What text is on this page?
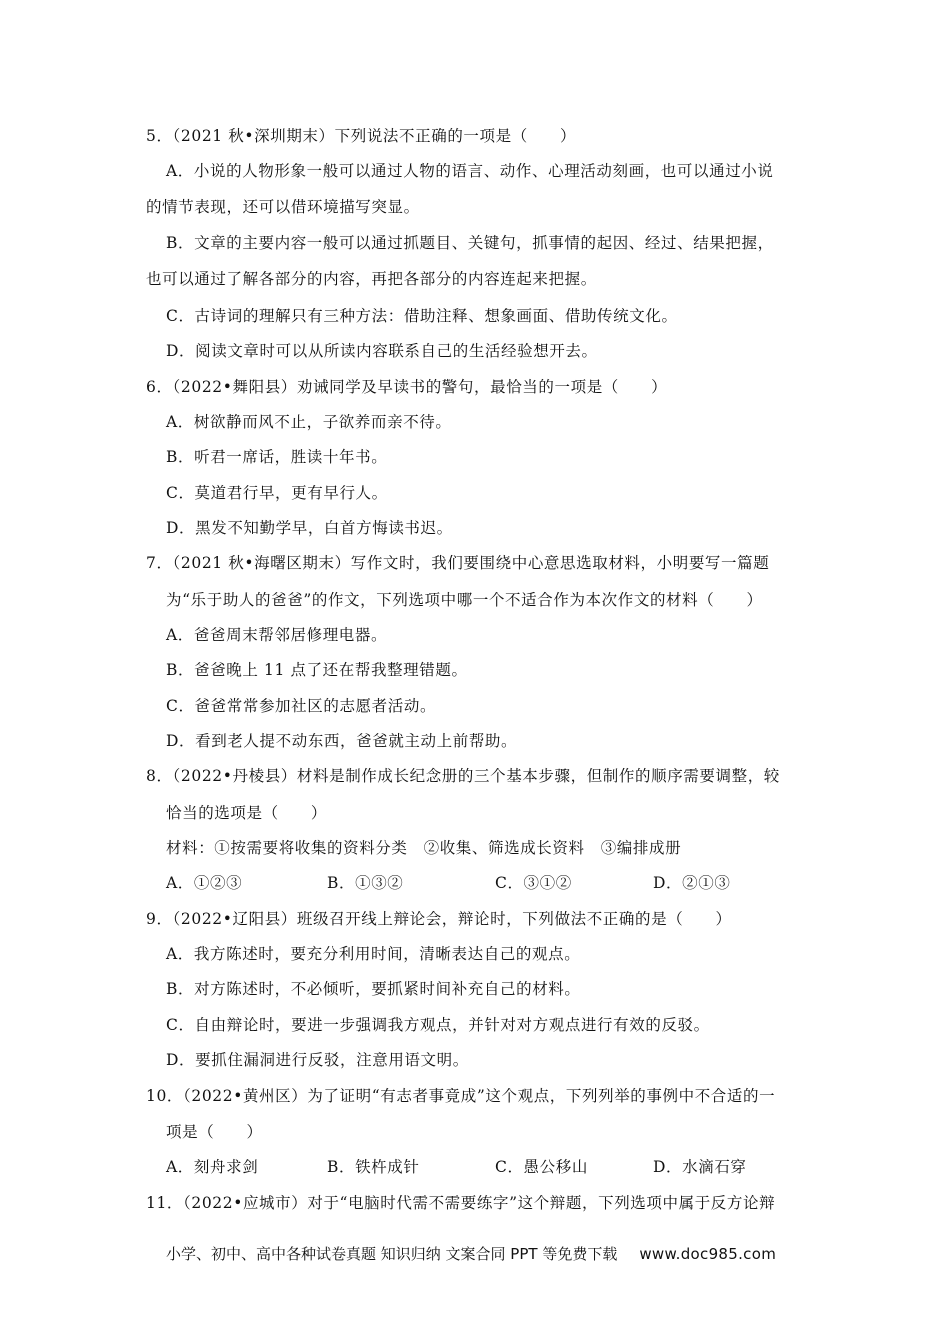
5．（2021 秋•深圳期末）下列说法不正确的一项是（　　）
A．小说的人物形象一般可以通过人物的语言、动作、心理活动刻画，也可以通过小说
的情节表现，还可以借环境描写突显。
B．文章的主要内容一般可以通过抓题目、关键句，抓事情的起因、经过、结果把握，
也可以通过了解各部分的内容，再把各部分的内容连起来把握。
C．古诗词的理解只有三种方法：借助注释、想象画面、借助传统文化。
D．阅读文章时可以从所读内容联系自己的生活经验想开去。
6．（2022•舞阳县）劝诫同学及早读书的警句，最恰当的一项是（　　）
A．树欲静而风不止，子欲养而亲不待。
B．听君一席话，胜读十年书。
C．莫道君行早，更有早行人。
D．黑发不知勤学早，白首方悔读书迟。
7．（2021 秋•海曙区期末）写作文时，我们要围绕中心意思选取材料，小明要写一篇题
为“乐于助人的爸爸”的作文，下列选项中哪一个不适合作为本次作文的材料（　　）
A．爸爸周末帮邻居修理电器。
B．爸爸晚上 11 点了还在帮我整理错题。
C．爸爸常常参加社区的志愿者活动。
D．看到老人提不动东西，爸爸就主动上前帮助。
8．（2022•丹棱县）材料是制作成长纪念册的三个基本步骤，但制作的顺序需要调整，较
恰当的选项是（　　）
材料：①按需要将收集的资料分类　②收集、筛选成长资料　③编排成册
A．①②③	B．①③②	C．③①②	D．②①③
9．（2022•辽阳县）班级召开线上辩论会，辩论时，下列做法不正确的是（　　）
A．我方陈述时，要充分利用时间，清晰表达自己的观点。
B．对方陈述时，不必倾听，要抓紧时间补充自己的材料。
C．自由辩论时，要进一步强调我方观点，并针对对方观点进行有效的反驳。
D．要抓住漏洞进行反驳，注意用语文明。
10．（2022•黄州区）为了证明“有志者事竟成”这个观点，下列列举的事例中不合适的一
项是（　　）
A．刻舟求剑	B．铁杵成针	C．愚公移山	D．水滴石穿
11．（2022•应城市）对于“电脑时代需不需要练字”这个辩题，下列选项中属于反方论辩
小学、初中、高中各种试卷真题 知识归纳 文案合同 PPT 等免费下载 www.doc985.com
